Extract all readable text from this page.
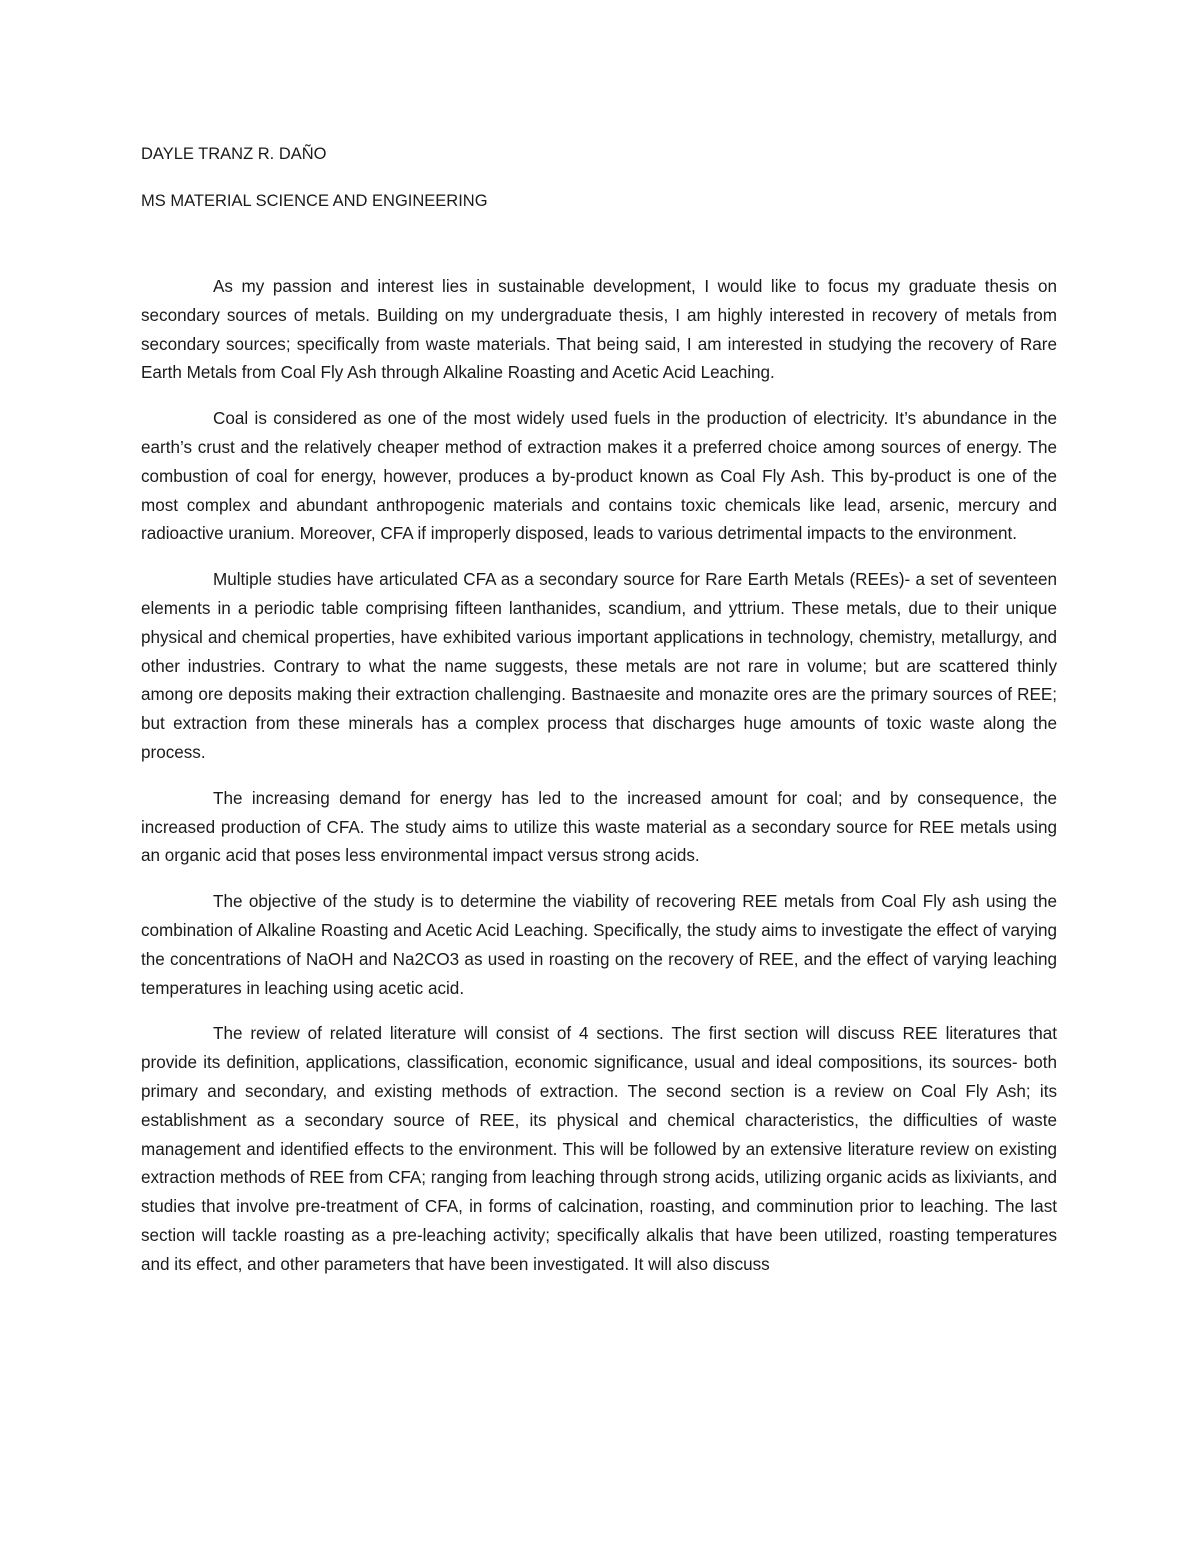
DAYLE TRANZ R. DAÑO

MS MATERIAL SCIENCE AND ENGINEERING

As my passion and interest lies in sustainable development, I would like to focus my graduate thesis on secondary sources of metals. Building on my undergraduate thesis, I am highly interested in recovery of metals from secondary sources; specifically from waste materials. That being said, I am interested in studying the recovery of Rare Earth Metals from Coal Fly Ash through Alkaline Roasting and Acetic Acid Leaching.

Coal is considered as one of the most widely used fuels in the production of electricity. It’s abundance in the earth’s crust and the relatively cheaper method of extraction makes it a preferred choice among sources of energy. The combustion of coal for energy, however, produces a by-product known as Coal Fly Ash. This by-product is one of the most complex and abundant anthropogenic materials and contains toxic chemicals like lead, arsenic, mercury and radioactive uranium. Moreover, CFA if improperly disposed, leads to various detrimental impacts to the environment.

Multiple studies have articulated CFA as a secondary source for Rare Earth Metals (REEs)- a set of seventeen elements in a periodic table comprising fifteen lanthanides, scandium, and yttrium. These metals, due to their unique physical and chemical properties, have exhibited various important applications in technology, chemistry, metallurgy, and other industries. Contrary to what the name suggests, these metals are not rare in volume; but are scattered thinly among ore deposits making their extraction challenging. Bastnaesite and monazite ores are the primary sources of REE; but extraction from these minerals has a complex process that discharges huge amounts of toxic waste along the process.

The increasing demand for energy has led to the increased amount for coal; and by consequence, the increased production of CFA. The study aims to utilize this waste material as a secondary source for REE metals using an organic acid that poses less environmental impact versus strong acids.

The objective of the study is to determine the viability of recovering REE metals from Coal Fly ash using the combination of Alkaline Roasting and Acetic Acid Leaching. Specifically, the study aims to investigate the effect of varying the concentrations of NaOH and Na2CO3 as used in roasting on the recovery of REE, and the effect of varying leaching temperatures in leaching using acetic acid.

The review of related literature will consist of 4 sections. The first section will discuss REE literatures that provide its definition, applications, classification, economic significance, usual and ideal compositions, its sources- both primary and secondary, and existing methods of extraction. The second section is a review on Coal Fly Ash; its establishment as a secondary source of REE, its physical and chemical characteristics, the difficulties of waste management and identified effects to the environment. This will be followed by an extensive literature review on existing extraction methods of REE from CFA; ranging from leaching through strong acids, utilizing organic acids as lixiviants, and studies that involve pre-treatment of CFA, in forms of calcination, roasting, and comminution prior to leaching. The last section will tackle roasting as a pre-leaching activity; specifically alkalis that have been utilized, roasting temperatures and its effect, and other parameters that have been investigated. It will also discuss
